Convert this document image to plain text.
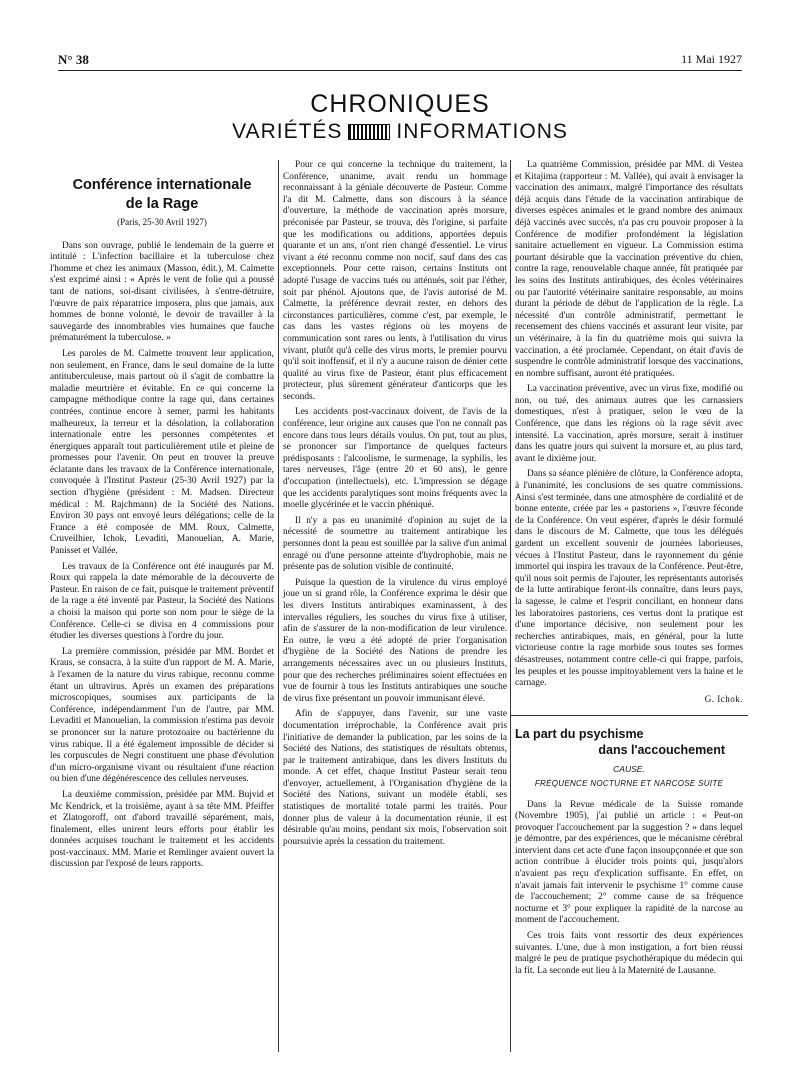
N° 38	11 Mai 1927
CHRONIQUES
VARIÉTÉS	INFORMATIONS
Conférence internationale
de la Rage
(Paris, 25-30 Avril 1927)

Dans son ouvrage, publié le lendemain de la guerre et intitulé : L'infection bacillaire et la tuberculose chez l'homme et chez les animaux (Masson, édit.), M. Calmette s'est exprimé ainsi : « Après le vent de folie qui a poussé tant de nations, soi-disant civilisées, à s'entre-détruire, l'œuvre de paix réparatrice imposera, plus que jamais, aux hommes de bonne volonté, le devoir de travailler à la sauvegarde des innombrables vies humaines que fauche prématurément la tuberculose. »

Les paroles de M. Calmette trouvent leur application, non seulement, en France, dans le seul domaine de la lutte antituberculeuse, mais partout où il s'agit de combattre la maladie meurtrière et évitable. En ce qui concerne la campagne méthodique contre la rage qui, dans certaines contrées, continue encore à semer, parmi les habitants malheureux, la terreur et la désolation, la collaboration internationale entre les personnes compétentes et énergiques apparaît tout particulièrement utile et pleine de promesses pour l'avenir. On peut en trouver la preuve éclatante dans les travaux de la Conférence internationale, convoquée à l'Institut Pasteur (25-30 Avril 1927) par la section d'hygiène (président : M. Madsen. Directeur médical : M. Rajchmann) de la Société des Nations. Environ 30 pays ont envoyé leurs délégations; celle de la France a été composée de MM. Roux, Calmette, Cruveilhier, Ichok, Levaditi, Manouelian, A. Marie, Panisset et Vallée.

Les travaux de la Conférence ont été inaugurés par M. Roux qui rappela la date mémorable de la découverte de Pasteur. En raison de ce fait, puisque le traitement préventif de la rage a été inventé par Pasteur, la Société des Nations a choisi la maison qui porte son nom pour le siège de la Conférence. Celle-ci se divisa en 4 commissions pour étudier les diverses questions à l'ordre du jour.

La première commission, présidée par MM. Bordet et Kraus, se consacra, à la suite d'un rapport de M. A. Marie, à l'examen de la nature du virus rabique, reconnu comme étant un ultravirus. Après un examen des préparations microscopiques, soumises aux participants de la Conférence, indépendamment l'un de l'autre, par MM. Levaditi et Manouelian, la commission n'estima pas devoir se prononcer sur la nature protozoaire ou bactérienne du virus rabique. Il a été également impossible de décider si les corpuscules de Negri constituent une phase d'évolution d'un micro-organisme vivant ou résultaient d'une réaction ou bien d'une dégénérescence des cellules nerveuses.

La deuxième commission, présidée par MM. Bujvid et Mc Kendrick, et la troisième, ayant à sa tête MM. Pfeiffer et Zlatogoroff, ont d'abord travaillé séparément, mais, finalement, elles unirent leurs efforts pour établir les données acquises touchant le traitement et les accidents post-vaccinaux. MM. Marie et Remlinger avaient ouvert la discussion par l'exposé de leurs rapports.

Pour ce qui concerne la technique du traitement, la Conférence, unanime, avait rendu un hommage reconnaissant à la géniale découverte de Pasteur. Comme l'a dit M. Calmette, dans son discours à la séance d'ouverture, la méthode de vaccination après morsure, préconisée par Pasteur, se trouva, dès l'origine, si parfaite que les modifications ou additions, apportées depuis quarante et un ans, n'ont rien changé d'essentiel. Le virus vivant a été reconnu comme non nocif, sauf dans des cas exceptionnels. Pour cette raison, certains Instituts ont adopté l'usage de vaccins tués ou atténués, soit par l'éther, soit par phénol. Ajoutons que, de l'avis autorisé de M. Calmette, la préférence devrait rester, en dehors des circonstances particulières, comme c'est, par exemple, le cas dans les vastes régions où les moyens de communication sont rares ou lents, à l'utilisation du virus vivant, plutôt qu'à celle des virus morts, le premier pourvu qu'il soit inoffensif, et il n'y a aucune raison de dénier cette qualité au virus fixe de Pasteur, étant plus efficacement protecteur, plus sûrement générateur d'anticorps que les seconds.

Les accidents post-vaccinaux doivent, de l'avis de la conférence, leur origine aux causes que l'on ne connaît pas encore dans tous leurs détails voulus. On put, tout au plus, se prononcer sur l'importance de quelques facteurs prédisposants : l'alcoolisme, le surmenage, la syphilis, les tares nerveuses, l'âge (entre 20 et 60 ans), le genre d'occupation (intellectuels), etc. L'impression se dégage que les accidents paralytiques sont moins fréquents avec la moelle glycérinée et le vaccin phéniqué.

Il n'y a pas eu unanimité d'opinion au sujet de la nécessité de soumettre au traitement antirabique les personnes dont la peau est souillée par la salive d'un animal enragé ou d'une personne atteinte d'hydrophobie, mais ne présente pas de solution visible de continuité.

Puisque la question de la virulence du virus employé joue un si grand rôle, la Conférence exprima le désir que les divers Instituts antirabiques examinassent, à des intervalles réguliers, les souches du virus fixe à utiliser, afin de s'assurer de la non-modification de leur virulence. En outre, le vœu a été adopté de prier l'organisation d'hygiène de la Société des Nations de prendre les arrangements nécessaires avec un ou plusieurs Instituts, pour que des recherches préliminaires soient effectuées en vue de fournir à tous les Instituts antirabiques une souche de virus fixe présentant un pouvoir immunisant élevé.

Afin de s'appuyer, dans l'avenir, sur une vaste documentation irréprochable, la Conférence avait pris l'initiative de demander la publication, par les soins de la Société des Nations, des statistiques de résultats obtenus, par le traitement antirabique, dans les divers Instituts du monde. A cet effet, chaque Institut Pasteur serait tenu d'envoyer, actuellement, à l'Organisation d'hygiène de la Société des Nations, suivant un modèle établi, ses statistiques de mortalité totale parmi les traités. Pour donner plus de valeur à la documentation réunie, il est désirable qu'au moins, pendant six mois, l'observation soit poursuivie après la cessation du traitement.

La quatrième Commission, présidée par MM. di Vestea et Kitajima (rapporteur : M. Vallée), qui avait à envisager la vaccination des animaux, malgré l'importance des résultats déjà acquis dans l'étude de la vaccination antirabique de diverses espèces animales et le grand nombre des animaux déjà vaccinés avec succès, n'a pas cru pouvoir proposer à la Conférence de modifier profondément la législation sanitaire actuellement en vigueur. La Commission estima pourtant désirable que la vaccination préventive du chien, contre la rage, renouvelable chaque année, fût pratiquée par les soins des Instituts antirabiques, des écoles vétérinaires ou par l'autorité vétérinaire sanitaire responsable, au moins durant la période de début de l'application de la règle. La nécessité d'un contrôle administratif, permettant le recensement des chiens vaccinés et assurant leur visite, par un vétérinaire, à la fin du quatrième mois qui suivra la vaccination, a été proclamée. Cependant, on était d'avis de suspendre le contrôle administratif lorsque des vaccinations, en nombre suffisant, auront été pratiquées.

La vaccination préventive, avec un virus fixe, modifié ou non, ou tué, des animaux autres que les carnassiers domestiques, n'est à pratiquer, selon le vœu de la Conférence, que dans les régions où la rage sévit avec intensité. La vaccination, après morsure, serait à instituer dans les quatre jours qui suivent la morsure et, au plus tard, avant le dixième jour.

Dans sa séance plénière de clôture, la Conférence adopta, à l'unanimité, les conclusions de ses quatre commissions. Ainsi s'est terminée, dans une atmosphère de cordialité et de bonne entente, créée par les « pastoriens », l'œuvre féconde de la Conférence. On veut espérer, d'après le désir formulé dans le discours de M. Calmette, que tous les délégués gardent un excellent souvenir de journées laborieuses, vécues à l'Institut Pasteur, dans le rayonnement du génie immortel qui inspira les travaux de la Conférence. Peut-être, qu'il nous soit permis de l'ajouter, les représentants autorisés de la lutte antirabique feront-ils connaître, dans leurs pays, la sagesse, le calme et l'esprit conciliant, en honneur dans les laboratoires pastoriens, ces vertus dont la pratique est d'une importance décisive, non seulement pour les recherches antirabiques, mais, en général, pour la lutte victorieuse contre la rage morbide sous toutes ses formes désastreuses, notamment contre celle-ci qui frappe, parfois, les peuples et les pousse impitoyablement vers la haine et le carnage.

G. Ichok.
La part du psychisme
dans l'accouchement
CAUSE.
FRÉQUENCE NOCTURNE ET NARCOSE SUITE

Dans la Revue médicale de la Suisse romande (Novembre 1905), j'ai publié un article : « Peut-on provoquer l'accouchement par la suggestion ? » dans lequel je démontre, par des expériences, que le mécanisme cérébral intervient dans cet acte d'une façon insoupçonnée et que son action contribue à élucider trois points qui, jusqu'alors n'avaient pas reçu d'explication suffisante. En effet, on n'avait jamais fait intervenir le psychisme 1° comme cause de l'accouchement; 2° comme cause de sa fréquence nocturne et 3° pour expliquer la rapidité de la narcose au moment de l'accouchement.

Ces trois faits vont ressortir des deux expériences suivantes. L'une, due à mon instigation, a fort bien réussi malgré le peu de pratique psychothérapique du médecin qui la fit. La seconde eut lieu à la Maternité de Lausanne.
